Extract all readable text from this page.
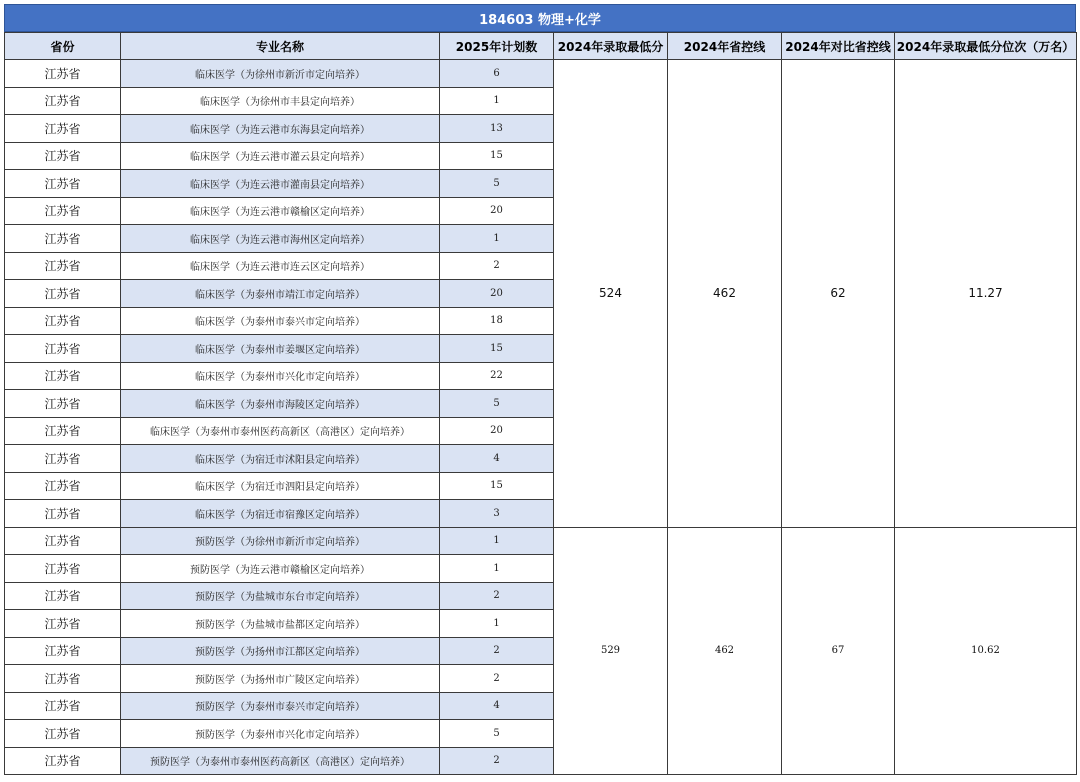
184603 物理+化学
省份	专业名称	2025年计划数	2024年录取最低分	2024年省控线	2024年对比省控线	2024年录取最低分位次（万名）
江苏省	临床医学（为徐州市新沂市定向培养）	6	524	462	62	11.27
江苏省	临床医学（为徐州市丰县定向培养）	1				
江苏省	临床医学（为连云港市东海县定向培养）	13				
江苏省	临床医学（为连云港市灌云县定向培养）	15				
江苏省	临床医学（为连云港市灌南县定向培养）	5				
江苏省	临床医学（为连云港市赣榆区定向培养）	20				
江苏省	临床医学（为连云港市海州区定向培养）	1				
江苏省	临床医学（为连云港市连云区定向培养）	2				
江苏省	临床医学（为泰州市靖江市定向培养）	20				
江苏省	临床医学（为泰州市泰兴市定向培养）	18				
江苏省	临床医学（为泰州市姜堰区定向培养）	15				
江苏省	临床医学（为泰州市兴化市定向培养）	22				
江苏省	临床医学（为泰州市海陵区定向培养）	5				
江苏省	临床医学（为泰州市泰州医药高新区（高港区）定向培养）	20				
江苏省	临床医学（为宿迁市沭阳县定向培养）	4				
江苏省	临床医学（为宿迁市泗阳县定向培养）	15				
江苏省	临床医学（为宿迁市宿豫区定向培养）	3				
江苏省	预防医学（为徐州市新沂市定向培养）	1	529	462	67	10.62
江苏省	预防医学（为连云港市赣榆区定向培养）	1				
江苏省	预防医学（为盐城市东台市定向培养）	2				
江苏省	预防医学（为盐城市盐都区定向培养）	1				
江苏省	预防医学（为扬州市江都区定向培养）	2				
江苏省	预防医学（为扬州市广陵区定向培养）	2				
江苏省	预防医学（为泰州市泰兴市定向培养）	4				
江苏省	预防医学（为泰州市兴化市定向培养）	5				
江苏省	预防医学（为泰州市泰州医药高新区（高港区）定向培养）	2				
